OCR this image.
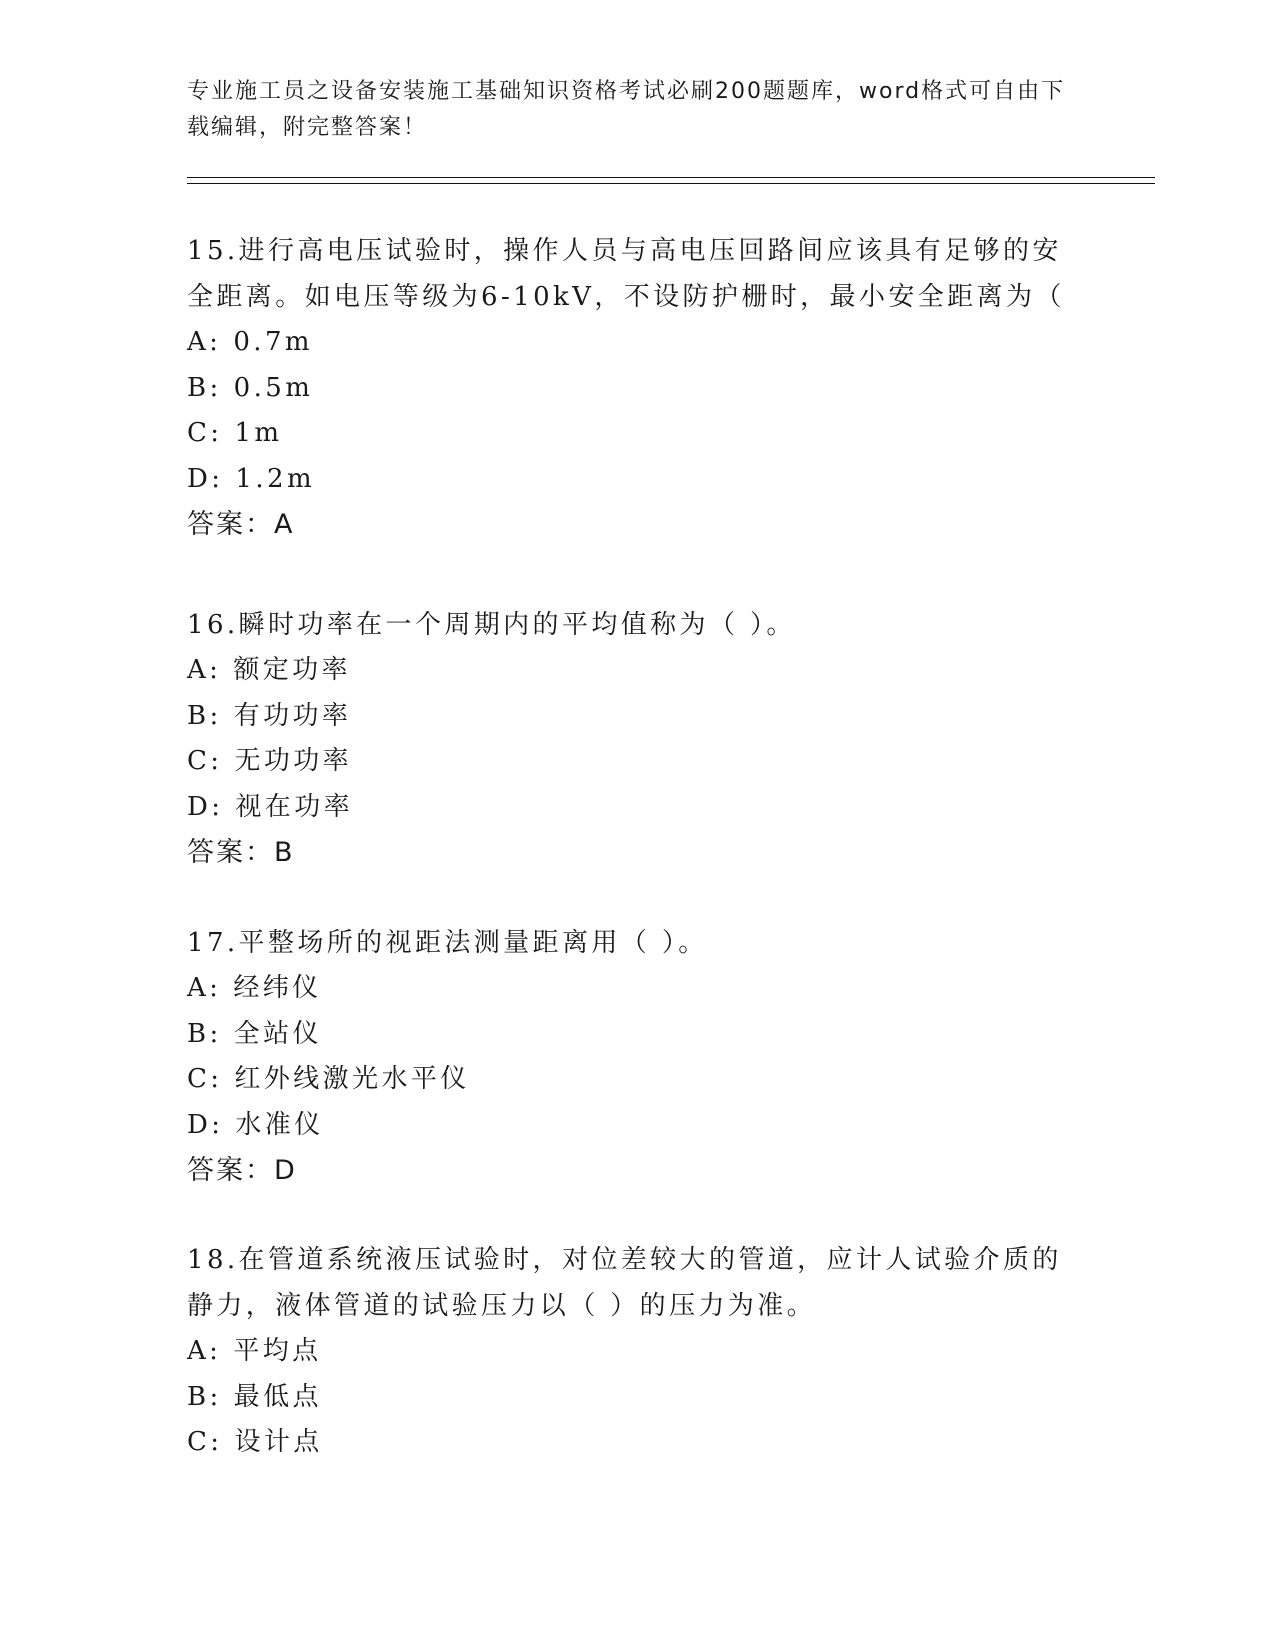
专业施工员之设备安装施工基础知识资格考试必刷200题题库，word格式可自由下载编辑，附完整答案！
15.进行高电压试验时，操作人员与高电压回路间应该具有足够的安全距离。如电压等级为6-10kV，不设防护栅时，最小安全距离为（
A: 0.7m
B: 0.5m
C: 1m
D: 1.2m
答案：A
16.瞬时功率在一个周期内的平均值称为（ ）。
A: 额定功率
B: 有功功率
C: 无功功率
D: 视在功率
答案：B
17.平整场所的视距法测量距离用（ ）。
A: 经纬仪
B: 全站仪
C: 红外线激光水平仪
D: 水准仪
答案：D
18.在管道系统液压试验时，对位差较大的管道，应计人试验介质的静力，液体管道的试验压力以（ ）的压力为准。
A: 平均点
B: 最低点
C: 设计点
